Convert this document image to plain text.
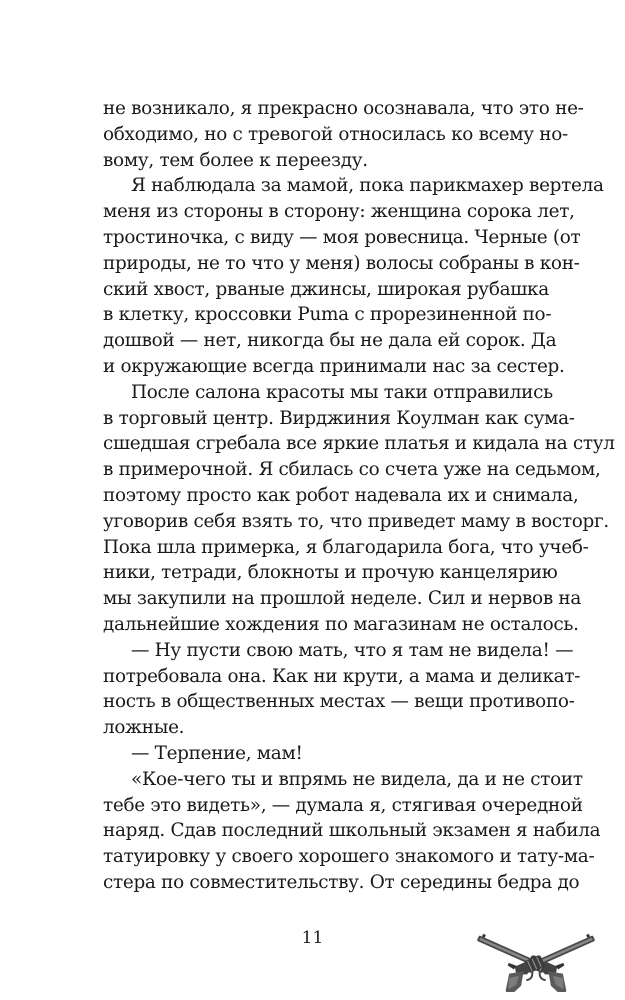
не возникало, я прекрасно осознавала, что это не-
обходимо, но с тревогой относилась ко всему но-
вому, тем более к переезду.
Я наблюдала за мамой, пока парикмахер вертела
меня из стороны в сторону: женщина сорока лет,
тростиночка, с виду — моя ровесница. Черные (от
природы, не то что у меня) волосы собраны в кон-
ский хвост, рваные джинсы, широкая рубашка
в клетку, кроссовки Puma с прорезиненной по-
дошвой — нет, никогда бы не дала ей сорок. Да
и окружающие всегда принимали нас за сестер.
После салона красоты мы таки отправились
в торговый центр. Вирджиния Коулман как сума-
сшедшая сгребала все яркие платья и кидала на стул
в примерочной. Я сбилась со счета уже на седьмом,
поэтому просто как робот надевала их и снимала,
уговорив себя взять то, что приведет маму в восторг.
Пока шла примерка, я благодарила бога, что учеб-
ники, тетради, блокноты и прочую канцелярию
мы закупили на прошлой неделе. Сил и нервов на
дальнейшие хождения по магазинам не осталось.
— Ну пусти свою мать, что я там не видела! —
потребовала она. Как ни крути, а мама и деликат-
ность в общественных местах — вещи противопо-
ложные.
— Терпение, мам!
«Кое-чего ты и впрямь не видела, да и не стоит
тебе это видеть», — думала я, стягивая очередной
наряд. Сдав последний школьный экзамен я набила
татуировку у своего хорошего знакомого и тату-ма-
стера по совместительству. От середины бедра до
11
